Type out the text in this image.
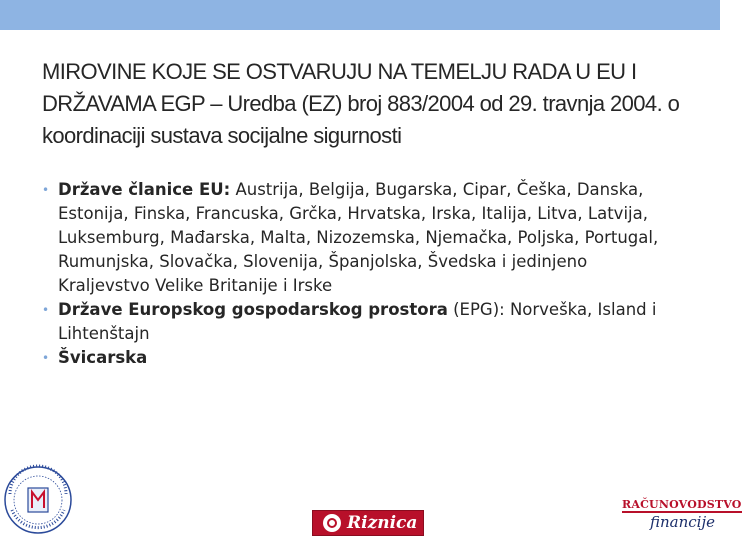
MIROVINE KOJE SE OSTVARUJU NA TEMELJU RADA U EU I DRŽAVAMA EGP – Uredba (EZ) broj 883/2004 od 29. travnja 2004. o koordinaciji sustava socijalne sigurnosti
• Države članice EU: Austrija, Belgija, Bugarska, Cipar, Češka, Danska, Estonija, Finska, Francuska, Grčka, Hrvatska, Irska, Italija, Litva, Latvija, Luksemburg, Mađarska, Malta, Nizozemska, Njemačka, Poljska, Portugal, Rumunjska, Slovačka, Slovenija, Španjolska, Švedska i jedinjeno Kraljevstvo Velike Britanije i Irske
• Države Europskog gospodarskog prostora (EPG): Norveška, Island i Lihtenštajn
• Švicarska
Riznica
RAČUNOVODSTVO
financije
